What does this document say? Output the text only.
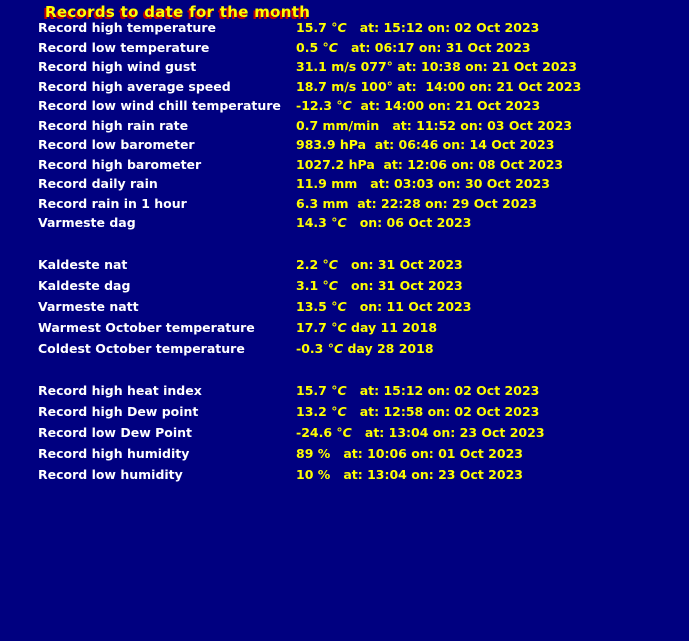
Records to date for the month
Record high temperature	15.7 °C   at: 15:12 on: 02 Oct 2023
Record low temperature	0.5 °C   at: 06:17 on: 31 Oct 2023
Record high wind gust	31.1 m/s 077° at: 10:38 on: 21 Oct 2023
Record high average speed	18.7 m/s 100° at:  14:00 on: 21 Oct 2023
Record low wind chill temperature	-12.3 °C  at: 14:00 on: 21 Oct 2023
Record high rain rate	0.7 mm/min   at: 11:52 on: 03 Oct 2023
Record low barometer	983.9 hPa  at: 06:46 on: 14 Oct 2023
Record high barometer	1027.2 hPa  at: 12:06 on: 08 Oct 2023
Record daily rain	11.9 mm   at: 03:03 on: 30 Oct 2023
Record rain in 1 hour	6.3 mm  at: 22:28 on: 29 Oct 2023
Varmeste dag	14.3 °C   on: 06 Oct 2023
Kaldeste nat	2.2 °C   on: 31 Oct 2023
Kaldeste dag	3.1 °C   on: 31 Oct 2023
Varmeste natt	13.5 °C   on: 11 Oct 2023
Warmest October temperature	17.7 °C day 11 2018
Coldest October temperature	-0.3 °C day 28 2018
Record high heat index	15.7 °C   at: 15:12 on: 02 Oct 2023
Record high Dew point	13.2 °C   at: 12:58 on: 02 Oct 2023
Record low Dew Point	-24.6 °C   at: 13:04 on: 23 Oct 2023
Record high humidity	89 %   at: 10:06 on: 01 Oct 2023
Record low humidity	10 %   at: 13:04 on: 23 Oct 2023
